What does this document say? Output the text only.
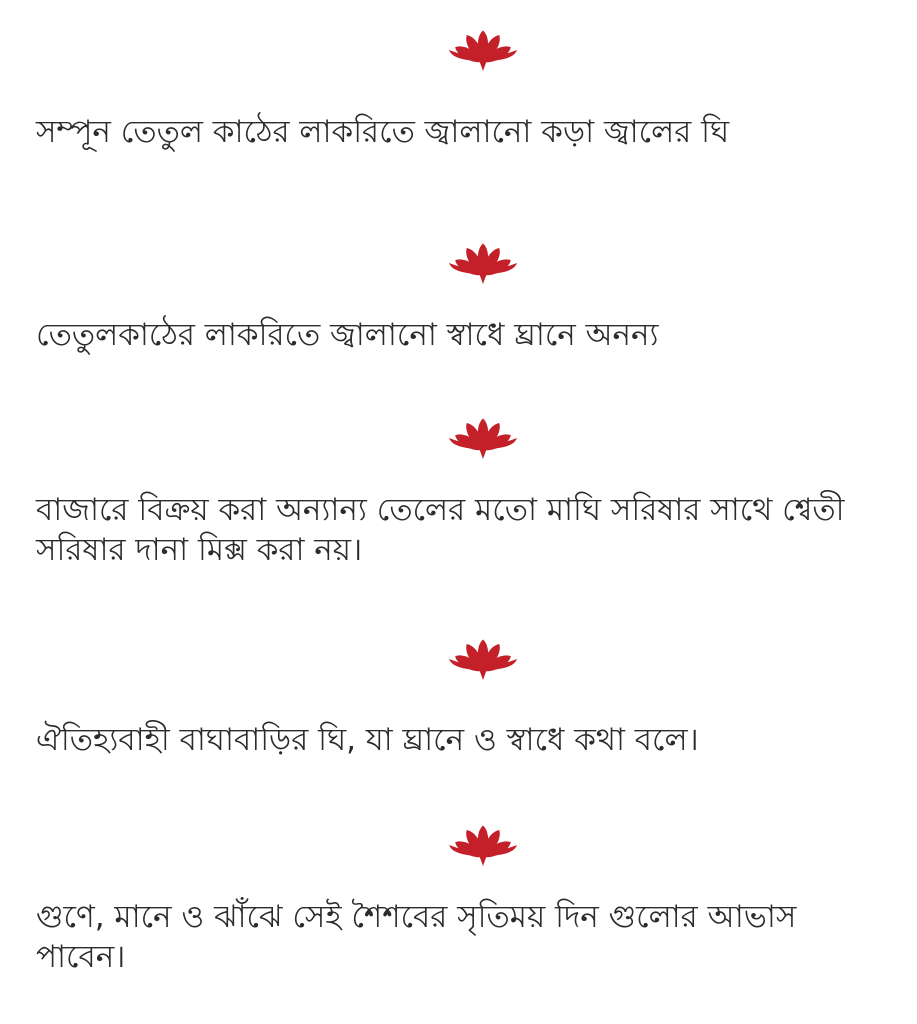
সম্পূন তেতুল কাঠের লাকরিতে জ্বালানো কড়া জ্বালের ঘি

তেতুলকাঠের লাকরিতে জ্বালানো স্বাধে ঘ্রানে অনন্য

বাজারে বিক্রয় করা অন্যান্য তেলের মতো মাঘি সরিষার সাথে শ্বেতী সরিষার দানা মিক্স করা নয়।

ঐতিহ্যবাহী বাঘাবাড়ির ঘি, যা ঘ্রানে ও স্বাধে কথা বলে।

গুণে, মানে ও ঝাঁঝে সেই শৈশবের সৃতিময় দিন গুলোর আভাস পাবেন।
